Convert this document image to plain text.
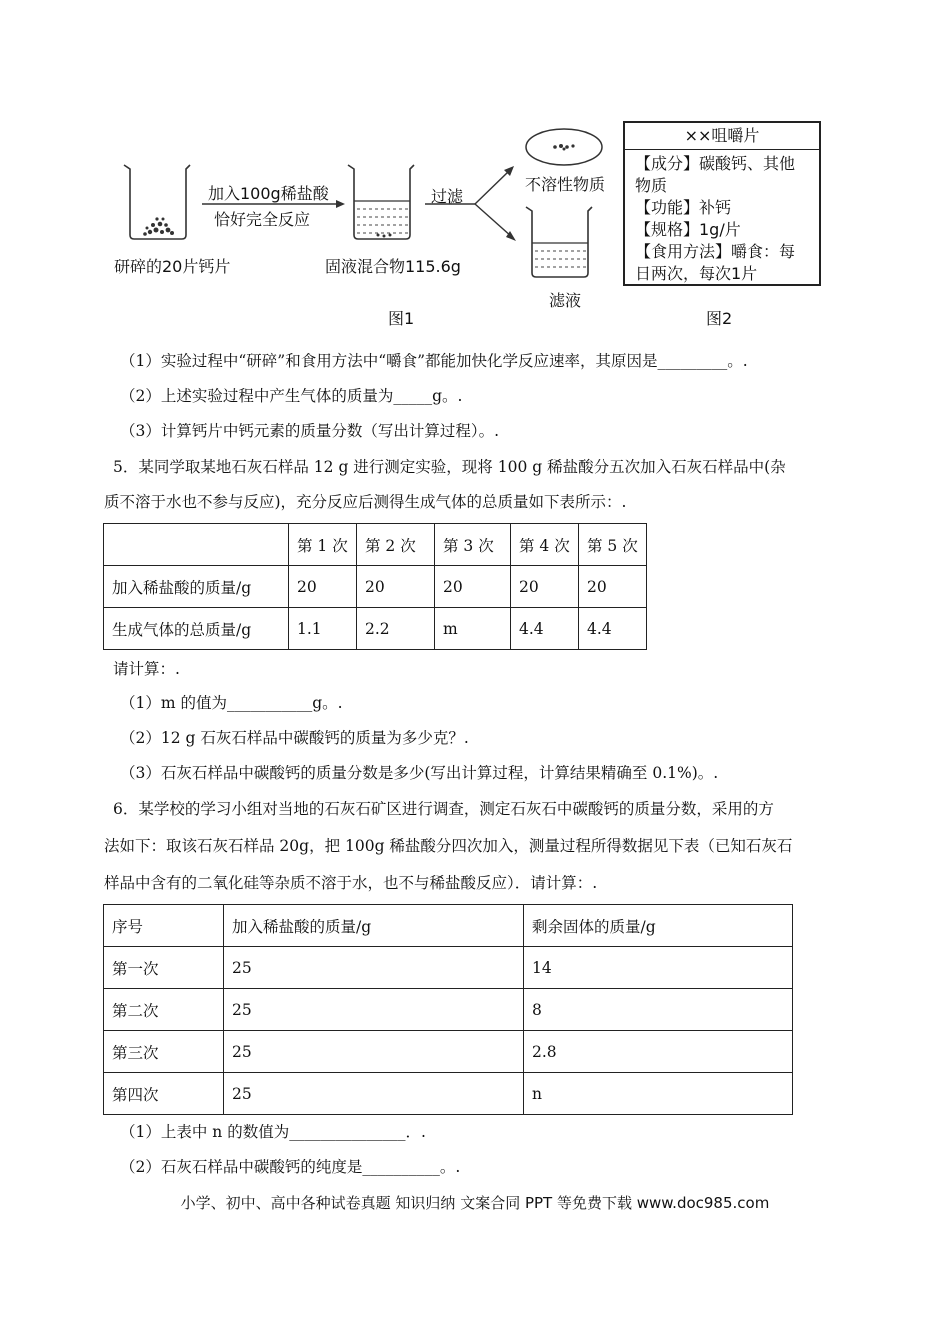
研碎的20片钙片
加入100g稀盐酸
恰好完全反应
固液混合物115.6g
过滤
不溶性物质
滤液
图1	图2
××咀嚼片
【成分】碳酸钙、其他
物质
【功能】补钙
【规格】1g/片
【食用方法】嚼食：每
日两次，每次1片
（1）实验过程中“研碎”和食用方法中“嚼食”都能加快化学反应速率，其原因是_________。.
（2）上述实验过程中产生气体的质量为_____g。.
（3）计算钙片中钙元素的质量分数（写出计算过程）。.
5．某同学取某地石灰石样品 12 g 进行测定实验，现将 100 g 稀盐酸分五次加入石灰石样品中(杂
质不溶于水也不参与反应)，充分反应后测得生成气体的总质量如下表所示：.
	第 1 次	第 2 次	第 3 次	第 4 次	第 5 次
加入稀盐酸的质量/g	20	20	20	20	20
生成气体的总质量/g	1.1	2.2	m	4.4	4.4
请计算：.
（1）m 的值为___________g。.
（2）12 g 石灰石样品中碳酸钙的质量为多少克？.
（3）石灰石样品中碳酸钙的质量分数是多少(写出计算过程，计算结果精确至 0.1%)。.
6．某学校的学习小组对当地的石灰石矿区进行调查，测定石灰石中碳酸钙的质量分数，采用的方
法如下：取该石灰石样品 20g，把 100g 稀盐酸分四次加入，测量过程所得数据见下表（已知石灰石
样品中含有的二氧化硅等杂质不溶于水，也不与稀盐酸反应）．请计算：.
序号	加入稀盐酸的质量/g	剩余固体的质量/g
第一次	25	14
第二次	25	8
第三次	25	2.8
第四次	25	n
（1）上表中 n 的数值为_______________．.
（2）石灰石样品中碳酸钙的纯度是__________。.
小学、初中、高中各种试卷真题 知识归纳 文案合同 PPT 等免费下载 www.doc985.com
